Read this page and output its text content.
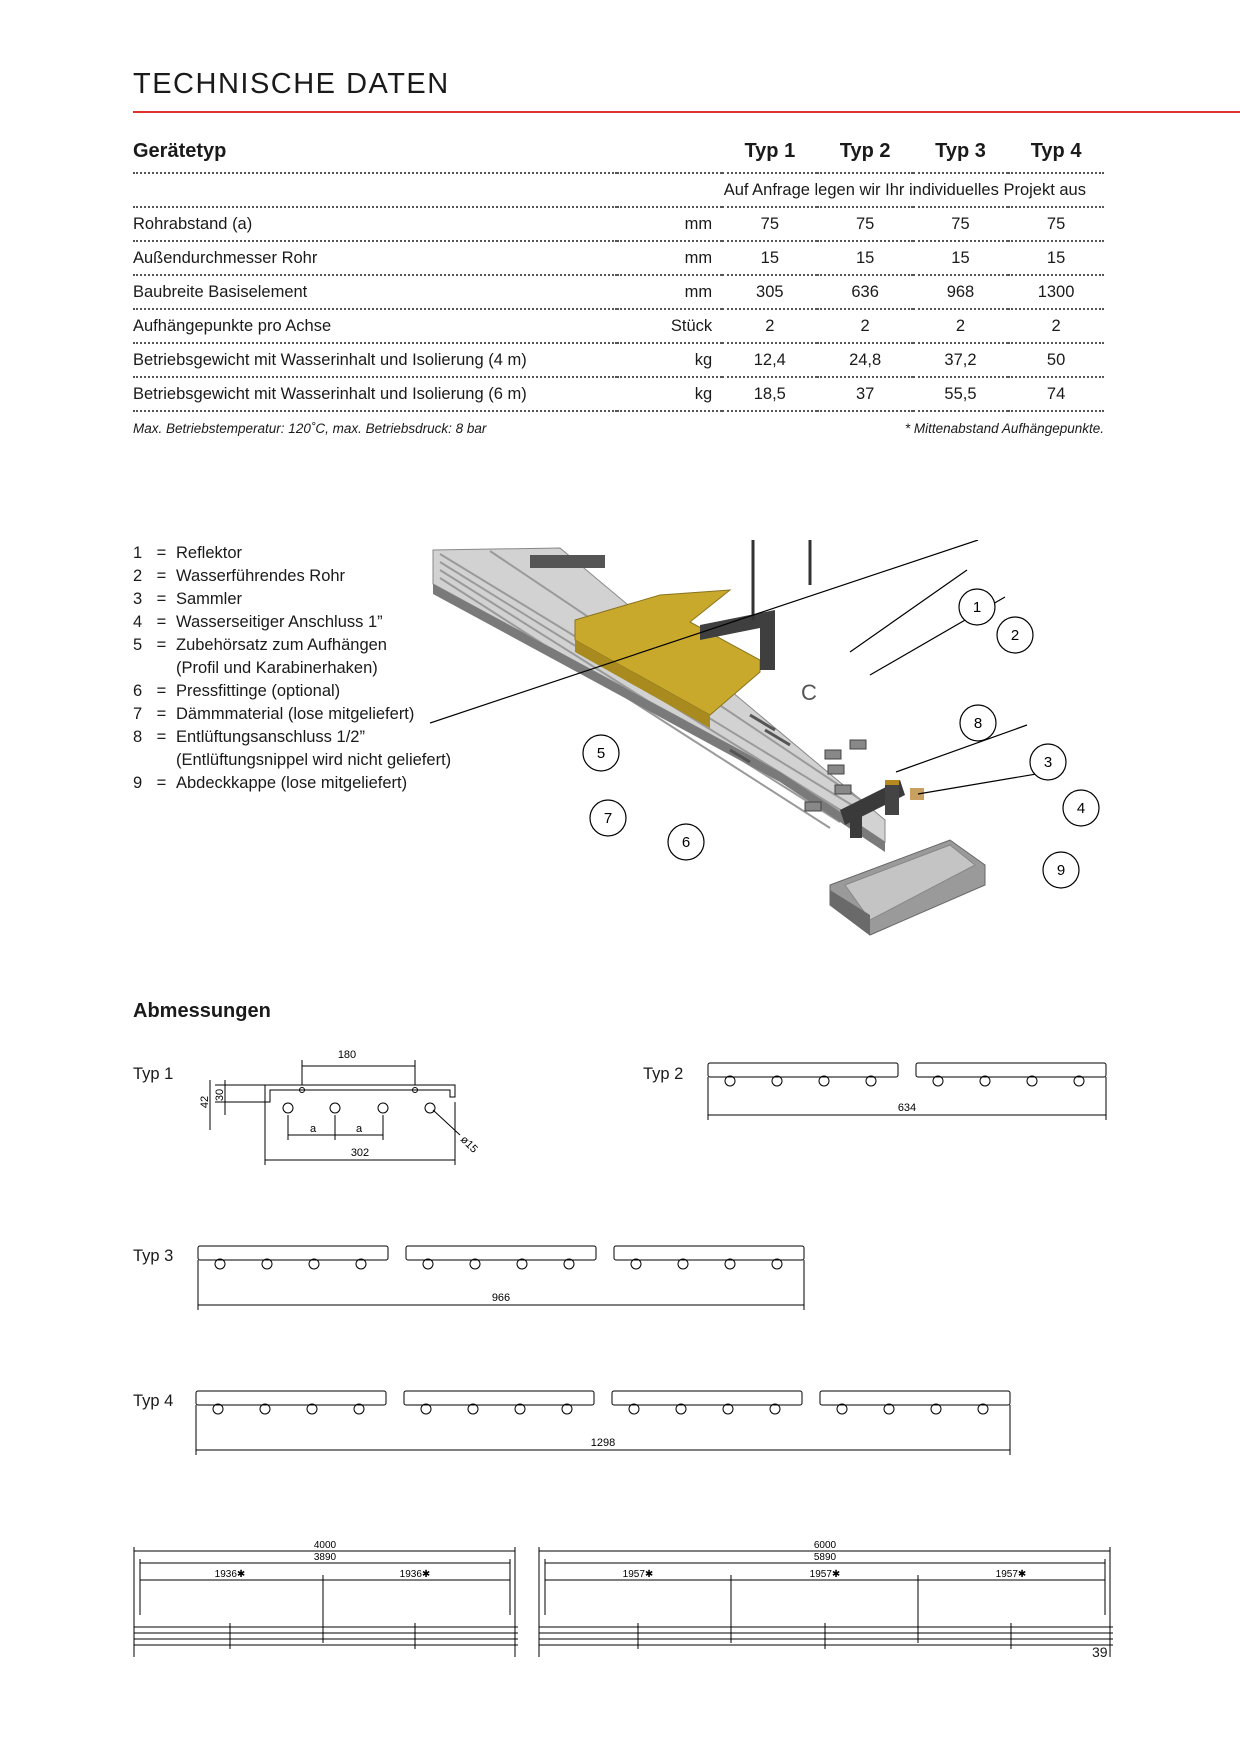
TECHNISCHE DATEN
Gerätetyp		Typ 1	Typ 2	Typ 3	Typ 4
Auf Anfrage legen wir Ihr individuelles Projekt aus					
Rohrabstand (a)	mm	75	75	75	75
Außendurchmesser Rohr	mm	15	15	15	15
Baubreite Basiselement	mm	305	636	968	1300
Aufhängepunkte pro Achse	Stück	2	2	2	2
Betriebsgewicht mit Wasserinhalt und Isolierung (4 m)	kg	12,4	24,8	37,2	50
Betriebsgewicht mit Wasserinhalt und Isolierung (6 m)	kg	18,5	37	55,5	74
Max. Betriebstemperatur: 120˚C, max. Betriebsdruck: 8 bar	* Mittenabstand Aufhängepunkte.
1 = Reflektor
2 = Wasserführendes Rohr
3 = Sammler
4 = Wasserseitiger Anschluss 1”
5 = Zubehörsatz zum Aufhängen
(Profil und Karabinerhaken)
6 = Pressfittinge (optional)
7 = Dämmmaterial (lose mitgeliefert)
8 = Entlüftungsanschluss 1/2”
(Entlüftungsnippel wird nicht geliefert)
9 = Abdeckkappe (lose mitgeliefert)
C
1
2
3
4
5
6
7
8
9
Abmessungen
Typ 1
180
42
30
a	a
302	ø15
Typ 2
634
Typ 3
966
Typ 4
1298
4000
3890
1936✱	1936✱
6000
5890
1957✱	1957✱	1957✱
39
